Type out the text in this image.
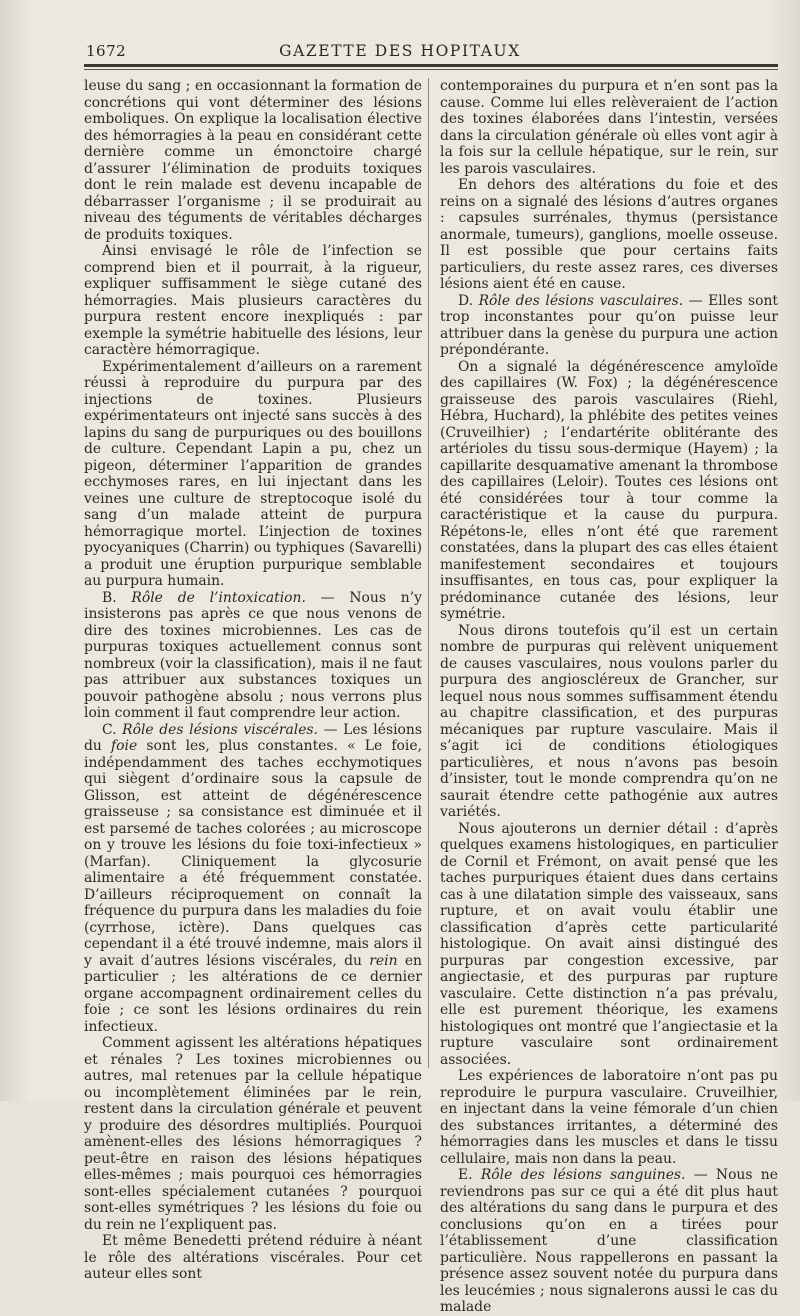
1672	GAZETTE DES HOPITAUX

leuse du sang ; en occasionnant la formation de concrétions qui vont déterminer des lésions emboliques. On explique la localisation élective des hémorragies à la peau en considérant cette dernière comme un émonctoire chargé d’assurer l’élimination de produits toxiques dont le rein malade est devenu incapable de débarrasser l’organisme ; il se produirait au niveau des téguments de véritables décharges de produits toxiques.

Ainsi envisagé le rôle de l’infection se comprend bien et il pourrait, à la rigueur, expliquer suffisamment le siège cutané des hémorragies. Mais plusieurs caractères du purpura restent encore inexpliqués : par exemple la symétrie habituelle des lésions, leur caractère hémorragique.

Expérimentalement d’ailleurs on a rarement réussi à reproduire du purpura par des injections de toxines. Plusieurs expérimentateurs ont injecté sans succès à des lapins du sang de purpuriques ou des bouillons de culture. Cependant Lapin a pu, chez un pigeon, déterminer l’apparition de grandes ecchymoses rares, en lui injectant dans les veines une culture de streptocoque isolé du sang d’un malade atteint de purpura hémorragique mortel. L’injection de toxines pyocyaniques (Charrin) ou typhiques (Savarelli) a produit une éruption purpurique semblable au purpura humain.

B. Rôle de l’intoxication. — Nous n’y insisterons pas après ce que nous venons de dire des toxines microbiennes. Les cas de purpuras toxiques actuellement connus sont nombreux (voir la classification), mais il ne faut pas attribuer aux substances toxiques un pouvoir pathogène absolu ; nous verrons plus loin comment il faut comprendre leur action.

C. Rôle des lésions viscérales. — Les lésions du foie sont les, plus constantes. « Le foie, indépendamment des taches ecchymotiques qui siègent d’ordinaire sous la capsule de Glisson, est atteint de dégénérescence graisseuse ; sa consistance est diminuée et il est parsemé de taches colorées ; au microscope on y trouve les lésions du foie toxi-infectieux » (Marfan). Cliniquement la glycosurie alimentaire a été fréquemment constatée. D’ailleurs réciproquement on connaît la fréquence du purpura dans les maladies du foie (cyrrhose, ictère). Dans quelques cas cependant il a été trouvé indemne, mais alors il y avait d’autres lésions viscérales, du rein en particulier ; les altérations de ce dernier organe accompagnent ordinairement celles du foie ; ce sont les lésions ordinaires du rein infectieux.

Comment agissent les altérations hépatiques et rénales ? Les toxines microbiennes ou autres, mal retenues par la cellule hépatique ou incomplètement éliminées par le rein, restent dans la circulation générale et peuvent y produire des désordres multipliés. Pourquoi amènent-elles des lésions hémorragiques ? peut-être en raison des lésions hépatiques elles-mêmes ; mais pourquoi ces hémorragies sont-elles spécialement cutanées ? pourquoi sont-elles symétriques ? les lésions du foie ou du rein ne l’expliquent pas.

Et même Benedetti prétend réduire à néant le rôle des altérations viscérales. Pour cet auteur elles sont

contemporaines du purpura et n’en sont pas la cause. Comme lui elles relèveraient de l’action des toxines élaborées dans l’intestin, versées dans la circulation générale où elles vont agir à la fois sur la cellule hépatique, sur le rein, sur les parois vasculaires.

En dehors des altérations du foie et des reins on a signalé des lésions d’autres organes : capsules surrénales, thymus (persistance anormale, tumeurs), ganglions, moelle osseuse. Il est possible que pour certains faits particuliers, du reste assez rares, ces diverses lésions aient été en cause.

D. Rôle des lésions vasculaires. — Elles sont trop inconstantes pour qu’on puisse leur attribuer dans la genèse du purpura une action prépondérante.

On a signalé la dégénérescence amyloïde des capillaires (W. Fox) ; la dégénérescence graisseuse des parois vasculaires (Riehl, Hébra, Huchard), la phlébite des petites veines (Cruveilhier) ; l’endartérite oblitérante des artérioles du tissu sous-dermique (Hayem) ; la capillarite desquamative amenant la thrombose des capillaires (Leloir). Toutes ces lésions ont été considérées tour à tour comme la caractéristique et la cause du purpura. Répétons-le, elles n’ont été que rarement constatées, dans la plupart des cas elles étaient manifestement secondaires et toujours insuffisantes, en tous cas, pour expliquer la prédominance cutanée des lésions, leur symétrie.

Nous dirons toutefois qu’il est un certain nombre de purpuras qui relèvent uniquement de causes vasculaires, nous voulons parler du purpura des angioscléreux de Grancher, sur lequel nous nous sommes suffisamment étendu au chapitre classification, et des purpuras mécaniques par rupture vasculaire. Mais il s’agit ici de conditions étiologiques particulières, et nous n’avons pas besoin d’insister, tout le monde comprendra qu’on ne saurait étendre cette pathogénie aux autres variétés.

Nous ajouterons un dernier détail : d’après quelques examens histologiques, en particulier de Cornil et Frémont, on avait pensé que les taches purpuriques étaient dues dans certains cas à une dilatation simple des vaisseaux, sans rupture, et on avait voulu établir une classification d’après cette particularité histologique. On avait ainsi distingué des purpuras par congestion excessive, par angiectasie, et des purpuras par rupture vasculaire. Cette distinction n’a pas prévalu, elle est purement théorique, les examens histologiques ont montré que l’angiectasie et la rupture vasculaire sont ordinairement associées.

Les expériences de laboratoire n’ont pas pu reproduire le purpura vasculaire. Cruveilhier, en injectant dans la veine fémorale d’un chien des substances irritantes, a déterminé des hémorragies dans les muscles et dans le tissu cellulaire, mais non dans la peau.

E. Rôle des lésions sanguines. — Nous ne reviendrons pas sur ce qui a été dit plus haut des altérations du sang dans le purpura et des conclusions qu’on en a tirées pour l’établissement d’une classification particulière. Nous rappellerons en passant la présence assez souvent notée du purpura dans les leucémies ; nous signalerons aussi le cas du malade
